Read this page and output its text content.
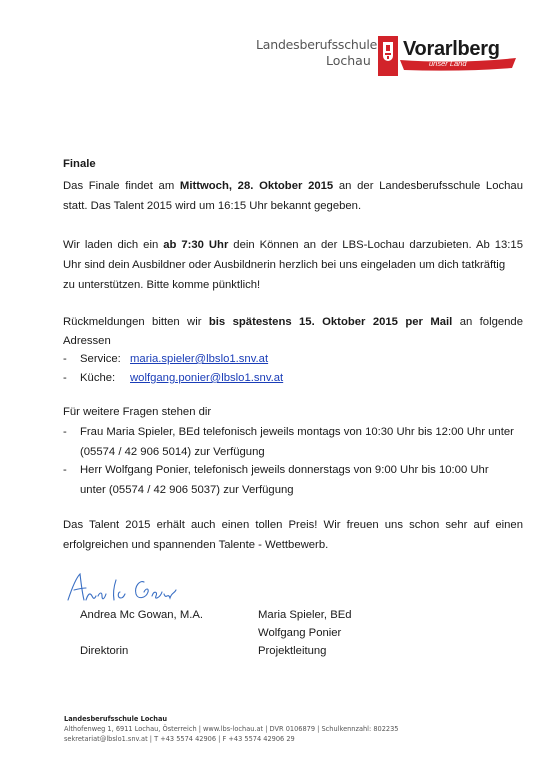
Landesberufsschule
Lochau
Vorarlberg
unser Land
Finale
Das Finale findet am Mittwoch, 28. Oktober 2015 an der Landesberufsschule Lochau
statt. Das Talent 2015 wird um 16:15 Uhr bekannt gegeben.
Wir laden dich ein ab 7:30 Uhr dein Können an der LBS-Lochau darzubieten. Ab 13:15
Uhr sind dein Ausbildner oder Ausbildnerin herzlich bei uns eingeladen um dich tatkräftig
zu unterstützen. Bitte komme pünktlich!
Rückmeldungen bitten wir bis spätestens 15. Oktober 2015 per Mail an folgende
Adressen
- Service: maria.spieler@lbslo1.snv.at
- Küche: wolfgang.ponier@lbslo1.snv.at
Für weitere Fragen stehen dir
- Frau Maria Spieler, BEd telefonisch jeweils montags von 10:30 Uhr bis 12:00 Uhr unter
(05574 / 42 906 5014) zur Verfügung
- Herr Wolfgang Ponier, telefonisch jeweils donnerstags von 9:00 Uhr bis 10:00 Uhr
unter (05574 / 42 906 5037) zur Verfügung
Das Talent 2015 erhält auch einen tollen Preis! Wir freuen uns schon sehr auf einen
erfolgreichen und spannenden Talente - Wettbewerb.
Andrea Mc Gowan, M.A.
Direktorin
Maria Spieler, BEd
Wolfgang Ponier
Projektleitung
Landesberufsschule Lochau
Althofenweg 1, 6911 Lochau, Österreich | www.lbs-lochau.at | DVR 0106879 | Schulkennzahl: 802235
sekretariat@lbslo1.snv.at | T +43 5574 42906 | F +43 5574 42906 29
